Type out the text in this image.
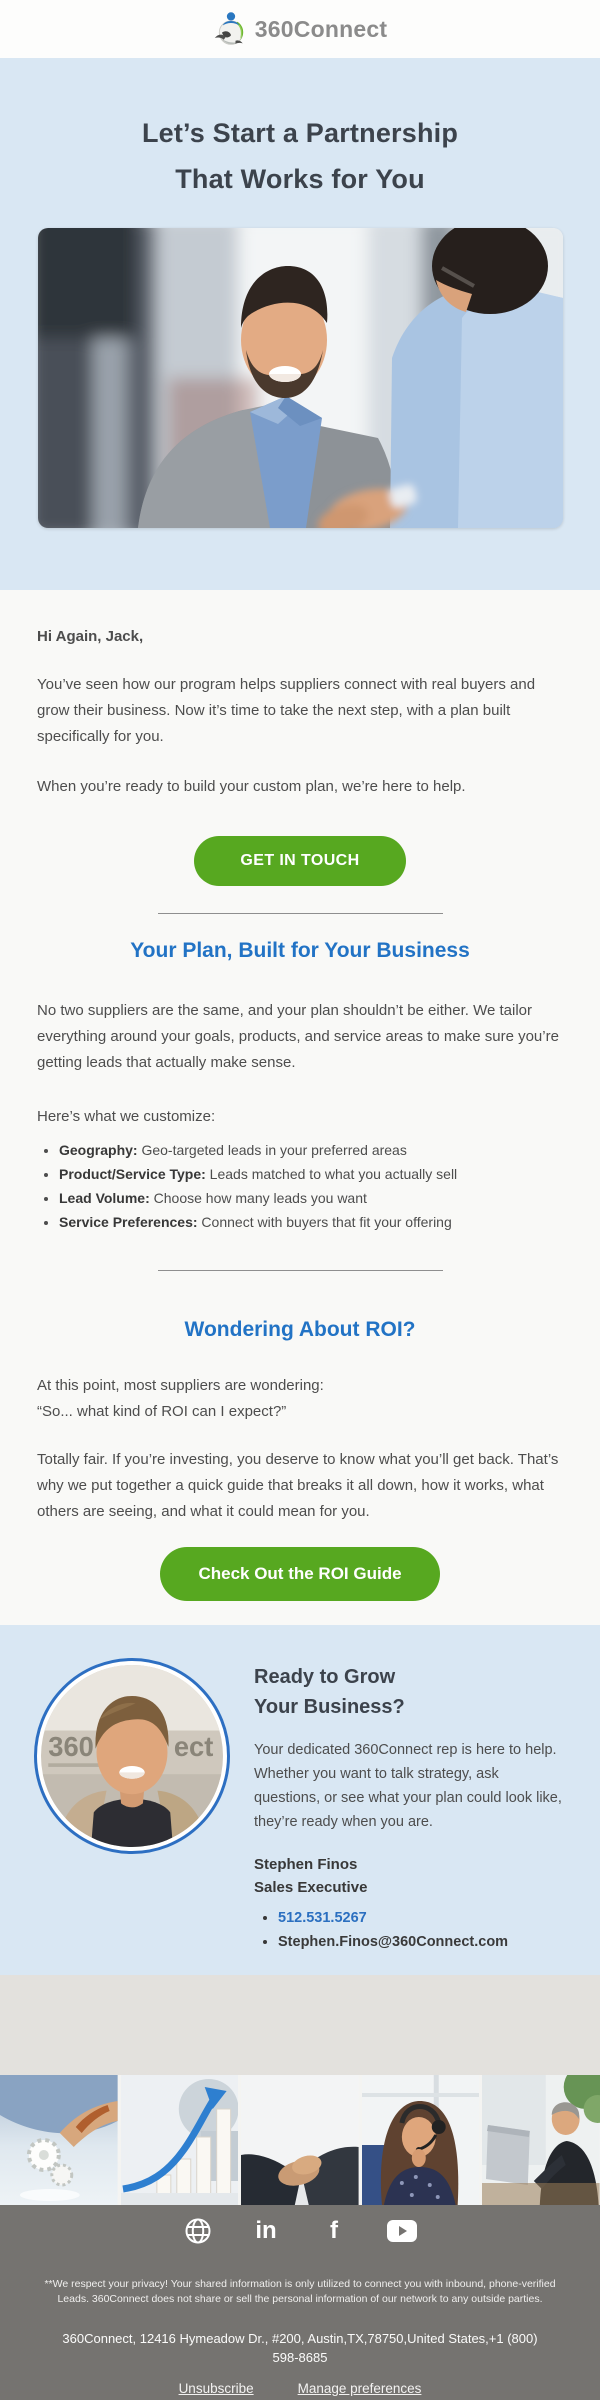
360Connect
Let’s Start a Partnership
That Works for You

Hi Again, Jack,

You’ve seen how our program helps suppliers connect with real buyers and grow their business. Now it’s time to take the next step, with a plan built specifically for you.

When you’re ready to build your custom plan, we’re here to help.

GET IN TOUCH
Your Plan, Built for Your Business

No two suppliers are the same, and your plan shouldn’t be either. We tailor everything around your goals, products, and service areas to make sure you’re getting leads that actually make sense.

Here’s what we customize:

• Geography: Geo-targeted leads in your preferred areas
• Product/Service Type: Leads matched to what you actually sell
• Lead Volume: Choose how many leads you want
• Service Preferences: Connect with buyers that fit your offering
Wondering About ROI?

At this point, most suppliers are wondering:
“So... what kind of ROI can I expect?”

Totally fair. If you’re investing, you deserve to know what you’ll get back. That’s why we put together a quick guide that breaks it all down, how it works, what others are seeing, and what it could mean for you.

Check Out the ROI Guide
360	ect
Ready to Grow
Your Business?

Your dedicated 360Connect rep is here to help. Whether you want to talk strategy, ask questions, or see what your plan could look like, they’re ready when you are.

Stephen Finos

Sales Executive

• 512.531.5267
• Stephen.Finos@360Connect.com
in f

**We respect your privacy! Your shared information is only utilized to connect you with inbound, phone-verified Leads. 360Connect does not share or sell the personal information of our network to any outside parties.

360Connect, 12416 Hymeadow Dr., #200, Austin,TX,78750,United States,+1 (800) 598-8685

Unsubscribe	Manage preferences
